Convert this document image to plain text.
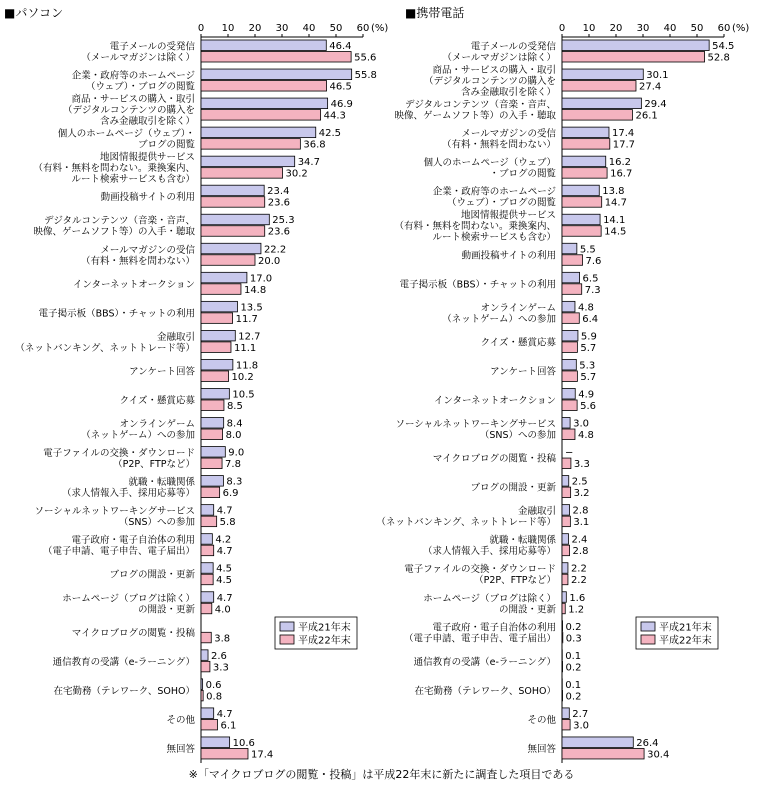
■パソコン
0 10 20 30 40 50 60 (%)
電子メールの受発信
（メールマガジンは除く）
46.4
55.6
企業・政府等のホームページ
（ウェブ）・ブログの閲覧
55.8
46.5
商品・サービスの購入・取引
（デジタルコンテンツの購入を
含み金融取引を除く）
46.9
44.3
個人のホームページ（ウェブ）・
ブログの閲覧
42.5
36.8
地図情報提供サービス
（有料・無料を問わない。乗換案内、
ルート検索サービスも含む）
34.7
30.2
動画投稿サイトの利用
23.4
23.6
デジタルコンテンツ（音楽・音声、
映像、ゲームソフト等）の入手・聴取
25.3
23.6
メールマガジンの受信
（有料・無料を問わない）
22.2
20.0
インターネットオークション
17.0
14.8
電子掲示板（BBS）・チャットの利用
13.5
11.7
金融取引
（ネットバンキング、ネットトレード等）
12.7
11.1
アンケート回答
11.8
10.2
クイズ・懸賞応募
10.5
8.5
オンラインゲーム
（ネットゲーム）への参加
8.4
8.0
電子ファイルの交換・ダウンロード
（P2P、FTPなど）
9.0
7.8
就職・転職関係
（求人情報入手、採用応募等）
8.3
6.9
ソーシャルネットワーキングサービス
（SNS）への参加
4.7
5.8
電子政府・電子自治体の利用
（電子申請、電子申告、電子届出）
4.2
4.7
ブログの開設・更新
4.5
4.5
ホームページ（ブログは除く）
の開設・更新
4.7
4.0
マイクロブログの閲覧・投稿 3.8
通信教育の受講（e-ラーニング）
2.6
3.3
在宅勤務（テレワーク、SOHO）
0.6
0.8
その他
4.7
6.1
無回答
10.6
17.4
平成21年末
平成22年末
■携帯電話
0 10 20 30 40 50 60 (%)
電子メールの受発信
（メールマガジンは除く）
54.5
52.8
商品・サービスの購入・取引
（デジタルコンテンツの購入を
含み金融取引を除く）
30.1
27.4
デジタルコンテンツ（音楽・音声、
映像、ゲームソフト等）の入手・聴取
29.4
26.1
メールマガジンの受信
（有料・無料を問わない）
17.4
17.7
個人のホームページ（ウェブ）
・ブログの閲覧
16.2
16.7
企業・政府等のホームページ
（ウェブ）・ブログの閲覧
13.8
14.7
地図情報提供サービス
（有料・無料を問わない。乗換案内、
ルート検索サービスも含む）
14.1
14.5
動画投稿サイトの利用
5.5
7.6
電子掲示板（BBS）・チャットの利用
6.5
7.3
オンラインゲーム
（ネットゲーム）への参加
4.8
6.4
クイズ・懸賞応募
5.9
5.7
アンケート回答
5.3
5.7
インターネットオークション
4.9
5.6
ソーシャルネットワーキングサービス
（SNS）への参加
3.0
4.8
マイクロブログの閲覧・投稿
−
3.3
ブログの開設・更新
2.5
3.2
金融取引
（ネットバンキング、ネットトレード等）
2.8
3.1
就職・転職関係
（求人情報入手、採用応募等）
2.4
2.8
電子ファイルの交換・ダウンロード
（P2P、FTPなど）
2.2
2.2
ホームページ（ブログは除く）
の開設・更新
1.6
1.2
電子政府・電子自治体の利用
（電子申請、電子申告、電子届出）
0.2
0.3
通信教育の受講（e-ラーニング）
0.1
0.2
在宅勤務（テレワーク、SOHO）
0.1
0.2
その他
2.7
3.0
無回答
26.4
30.4
平成21年末
平成22年末
※「マイクロブログの閲覧・投稿」は平成22年末に新たに調査した項目である
